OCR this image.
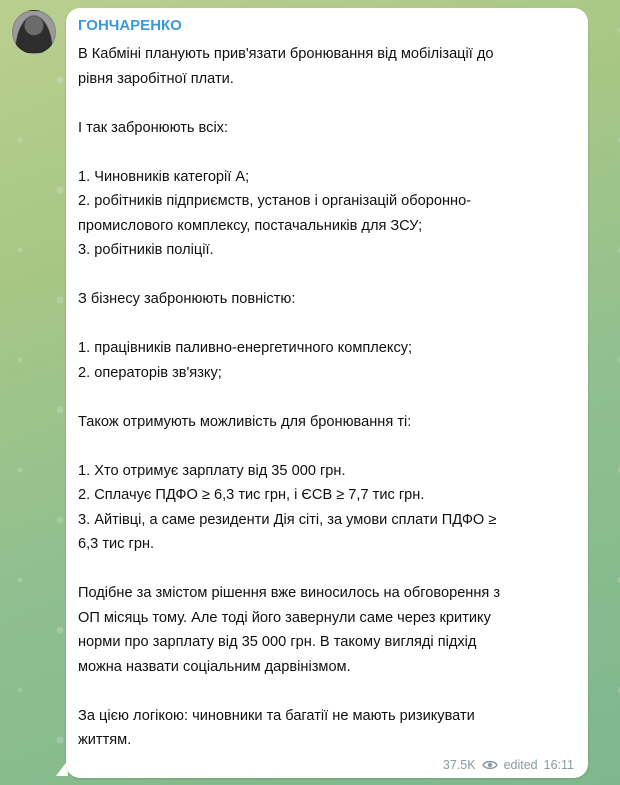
ГОНЧАРЕНКО

В Кабміні планують прив'язати бронювання від мобілізації до
рівня заробітної плати.

І так забронюють всіх:

1. Чиновників категорії А;
2. робітників підприємств, установ і організацій оборонно-
промислового комплексу, постачальників для ЗСУ;
3. робітників поліції.

З бізнесу забронюють повністю:

1. працівників паливно-енергетичного комплексу;
2. операторів зв'язку;

Також отримують можливість для бронювання ті:

1. Хто отримує зарплату від 35 000 грн.
2. Сплачує ПДФО ≥ 6,3 тис грн, і ЄСВ ≥ 7,7 тис грн.
3. Айтівці, а саме резиденти Дія сіті, за умови сплати ПДФО ≥
6,3 тис грн.

Подібне за змістом рішення вже виносилось на обговорення з
ОП місяць тому. Але тоді його завернули саме через критику
норми про зарплату від 35 000 грн. В такому вигляді підхід
можна назвати соціальним дарвінізмом.

За цією логікою: чиновники та багатії не мають ризикувати
життям.

37.5K edited 16:11
